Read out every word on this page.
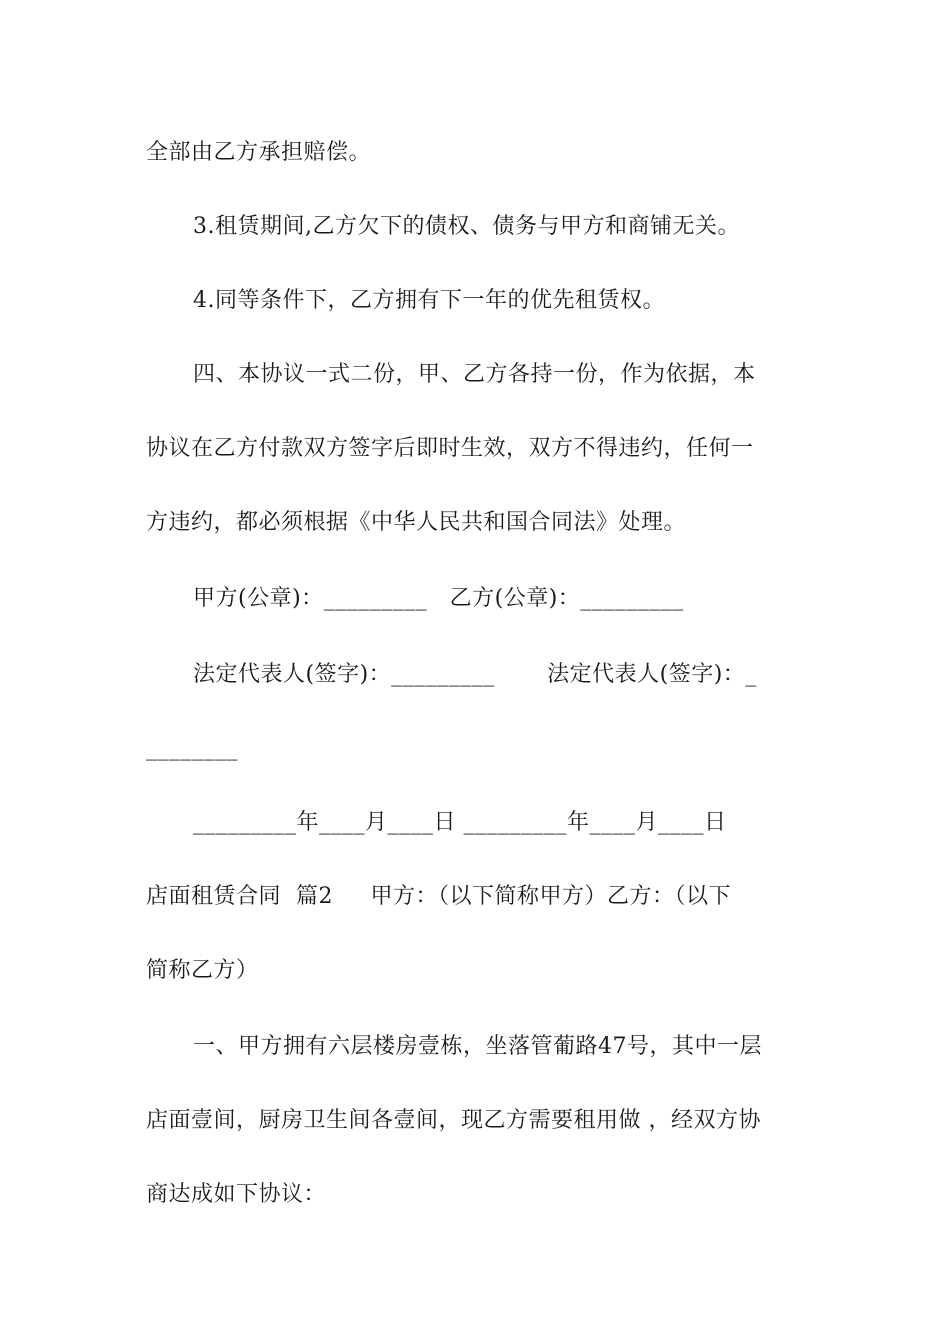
全部由乙方承担赔偿。
3.租赁期间,乙方欠下的债权、债务与甲方和商铺无关。
4.同等条件下，乙方拥有下一年的优先租赁权。
四、本协议一式二份，甲、乙方各持一份，作为依据，本
协议在乙方付款双方签字后即时生效，双方不得违约，任何一
方违约，都必须根据《中华人民共和国合同法》处理。
甲方(公章)：_________   乙方(公章)：_________
法定代表人(签字)：_________       法定代表人(签字)：_
________
_________年____月____日 _________年____月____日
店面租赁合同  篇2     甲方：（以下简称甲方）乙方：（以下
简称乙方）
一、甲方拥有六层楼房壹栋，坐落管葡路47号，其中一层
店面壹间，厨房卫生间各壹间，现乙方需要租用做 ，经双方协
商达成如下协议：
